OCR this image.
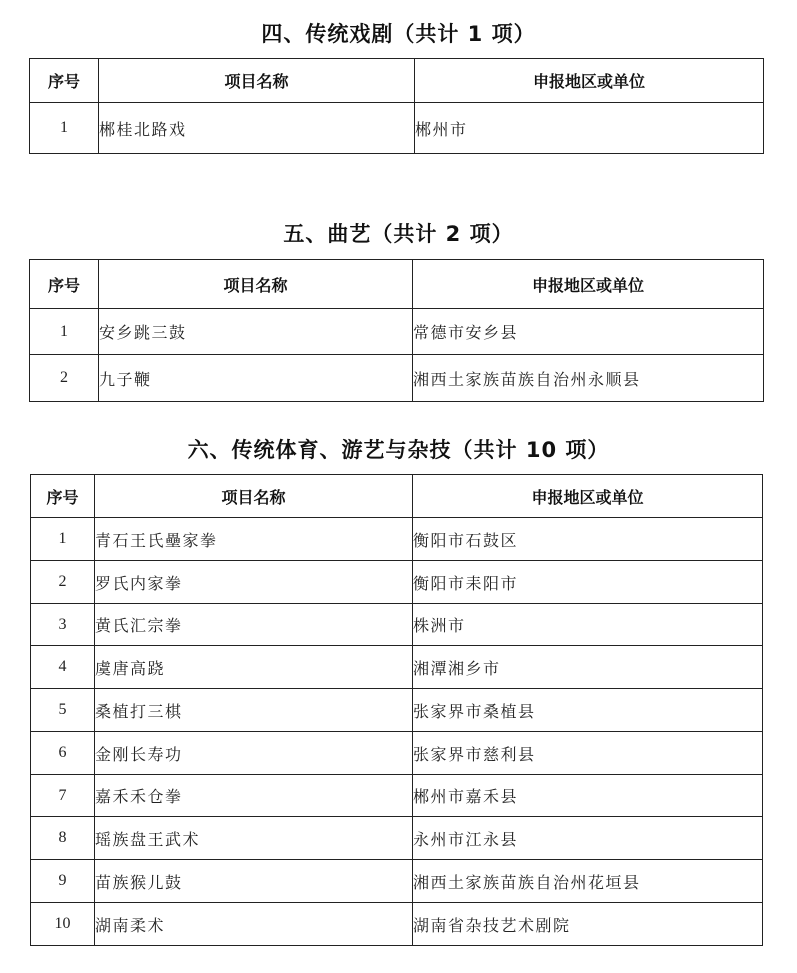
四、传统戏剧（共计 1 项）
序号	项目名称	申报地区或单位
1	郴桂北路戏	郴州市
五、曲艺（共计 2 项）
序号	项目名称	申报地区或单位
1	安乡跳三鼓	常德市安乡县
2	九子鞭	湘西土家族苗族自治州永顺县
六、传统体育、游艺与杂技（共计 10 项）
序号	项目名称	申报地区或单位
1	青石王氏壘家拳	衡阳市石鼓区
2	罗氏内家拳	衡阳市耒阳市
3	黄氏汇宗拳	株洲市
4	虞唐高跷	湘潭湘乡市
5	桑植打三棋	张家界市桑植县
6	金刚长寿功	张家界市慈利县
7	嘉禾禾仓拳	郴州市嘉禾县
8	瑶族盘王武术	永州市江永县
9	苗族猴儿鼓	湘西土家族苗族自治州花垣县
10	湖南柔术	湖南省杂技艺术剧院
